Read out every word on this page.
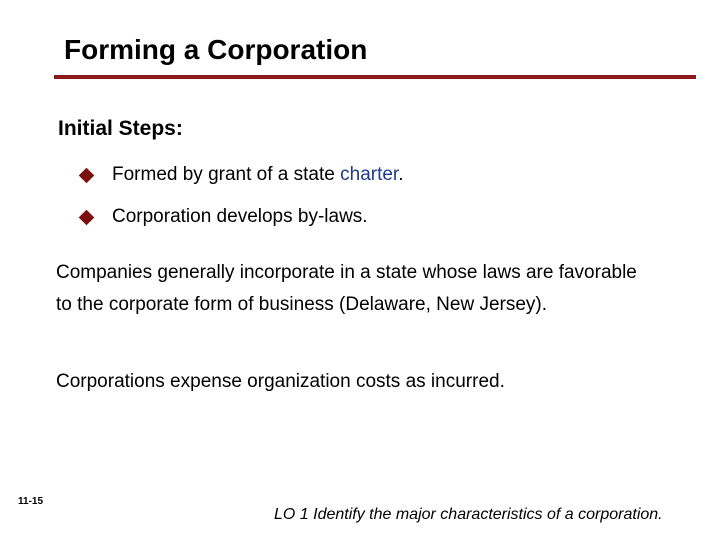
Forming a Corporation
Initial Steps:
Formed by grant of a state charter.
Corporation develops by-laws.

Companies generally incorporate in a state whose laws are favorable to the corporate form of business (Delaware, New Jersey).

Corporations expense organization costs as incurred.

11-15
LO 1 Identify the major characteristics of a corporation.
